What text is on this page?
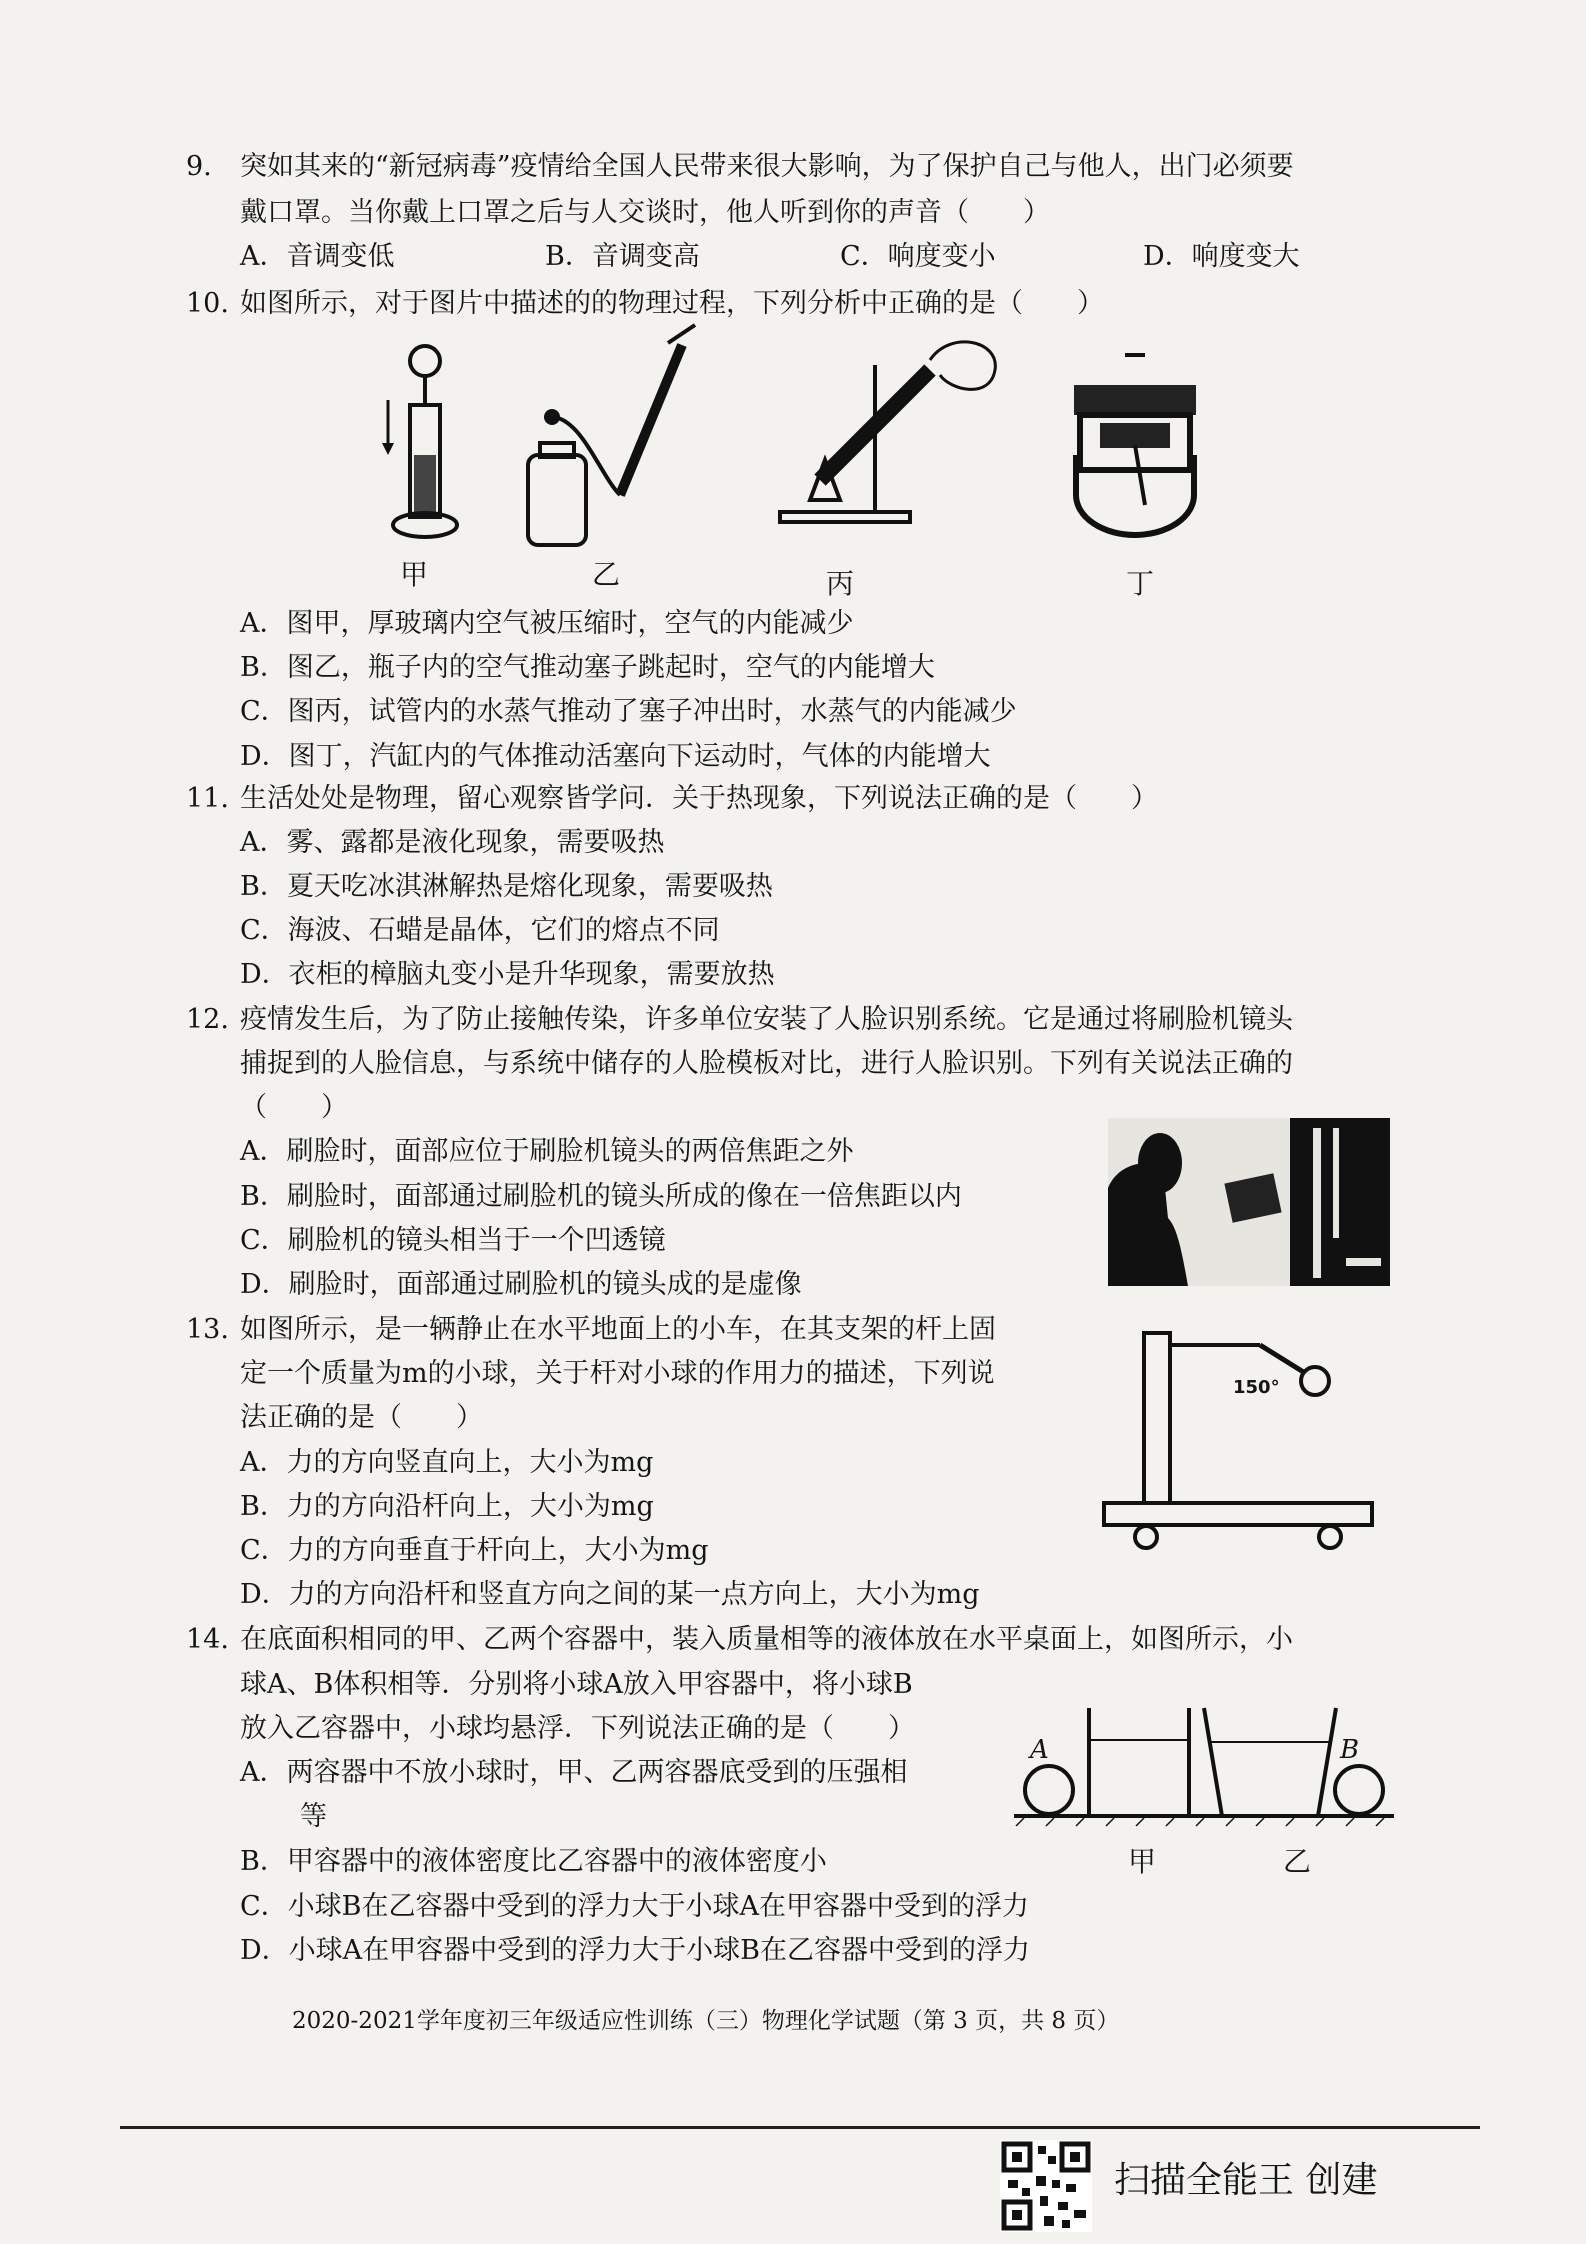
9. 突如其来的“新冠病毒”疫情给全国人民带来很大影响，为了保护自己与他人，出门必须要
戴口罩。当你戴上口罩之后与人交谈时，他人听到你的声音（　　）
A．音调变低	B．音调变高	C．响度变小	D．响度变大
10. 如图所示，对于图片中描述的的物理过程，下列分析中正确的是（　　）
甲	乙	丙	丁
A．图甲，厚玻璃内空气被压缩时，空气的内能减少
B．图乙，瓶子内的空气推动塞子跳起时，空气的内能增大
C．图丙，试管内的水蒸气推动了塞子冲出时，水蒸气的内能减少
D．图丁，汽缸内的气体推动活塞向下运动时，气体的内能增大
11. 生活处处是物理，留心观察皆学问．关于热现象，下列说法正确的是（　　）
A．雾、露都是液化现象，需要吸热
B．夏天吃冰淇淋解热是熔化现象，需要吸热
C．海波、石蜡是晶体，它们的熔点不同
D．衣柜的樟脑丸变小是升华现象，需要放热
12. 疫情发生后，为了防止接触传染，许多单位安装了人脸识别系统。它是通过将刷脸机镜头
捕捉到的人脸信息，与系统中储存的人脸模板对比，进行人脸识别。下列有关说法正确的
（　　）
A．刷脸时，面部应位于刷脸机镜头的两倍焦距之外
B．刷脸时，面部通过刷脸机的镜头所成的像在一倍焦距以内
C．刷脸机的镜头相当于一个凹透镜
D．刷脸时，面部通过刷脸机的镜头成的是虚像
13. 如图所示，是一辆静止在水平地面上的小车，在其支架的杆上固
定一个质量为m的小球，关于杆对小球的作用力的描述，下列说
法正确的是（　　）
A．力的方向竖直向上，大小为mg
B．力的方向沿杆向上，大小为mg
C．力的方向垂直于杆向上，大小为mg
D．力的方向沿杆和竖直方向之间的某一点方向上，大小为mg
150°
14. 在底面积相同的甲、乙两个容器中，装入质量相等的液体放在水平桌面上，如图所示，小
球A、B体积相等．分别将小球A放入甲容器中，将小球B
放入乙容器中，小球均悬浮．下列说法正确的是（　　）
A．两容器中不放小球时，甲、乙两容器底受到的压强相
等
B．甲容器中的液体密度比乙容器中的液体密度小
C．小球B在乙容器中受到的浮力大于小球A在甲容器中受到的浮力
D．小球A在甲容器中受到的浮力大于小球B在乙容器中受到的浮力
A	B
甲	乙
2020-2021学年度初三年级适应性训练（三）物理化学试题（第 3 页，共 8 页）
扫描全能王 创建
